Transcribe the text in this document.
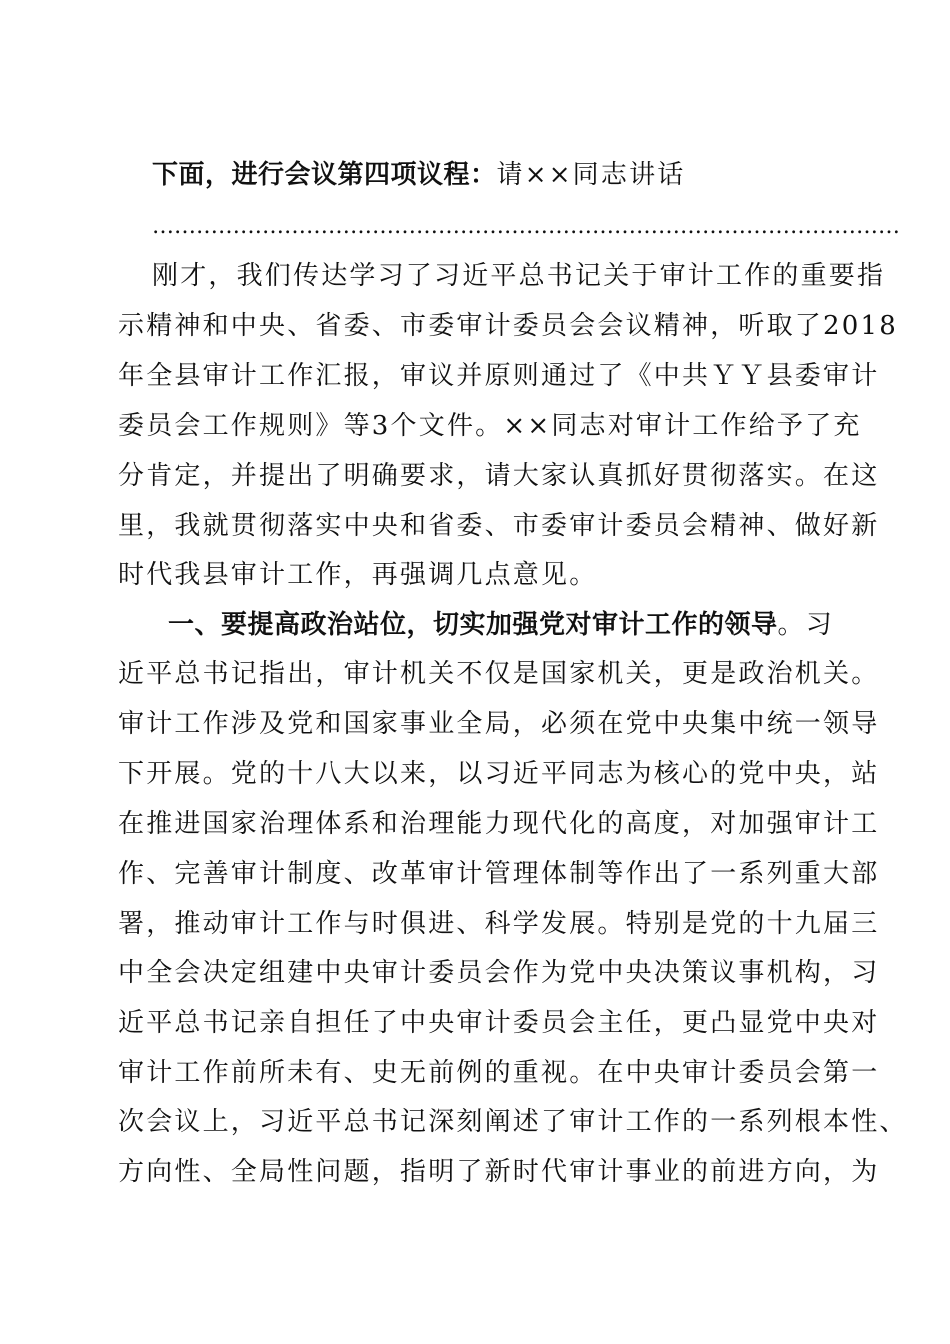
下面，进行会议第四项议程：请××同志讲话
…………………………………………………………………………………………
刚才，我们传达学习了习近平总书记关于审计工作的重要指
示精神和中央、省委、市委审计委员会会议精神，听取了2018
年全县审计工作汇报，审议并原则通过了《中共ＹＹ县委审计
委员会工作规则》等3个文件。××同志对审计工作给予了充
分肯定，并提出了明确要求，请大家认真抓好贯彻落实。在这
里，我就贯彻落实中央和省委、市委审计委员会精神、做好新
时代我县审计工作，再强调几点意见。
一、要提高政治站位，切实加强党对审计工作的领导。习
近平总书记指出，审计机关不仅是国家机关，更是政治机关。
审计工作涉及党和国家事业全局，必须在党中央集中统一领导
下开展。党的十八大以来，以习近平同志为核心的党中央，站
在推进国家治理体系和治理能力现代化的高度，对加强审计工
作、完善审计制度、改革审计管理体制等作出了一系列重大部
署，推动审计工作与时俱进、科学发展。特别是党的十九届三
中全会决定组建中央审计委员会作为党中央决策议事机构，习
近平总书记亲自担任了中央审计委员会主任，更凸显党中央对
审计工作前所未有、史无前例的重视。在中央审计委员会第一
次会议上，习近平总书记深刻阐述了审计工作的一系列根本性、
方向性、全局性问题，指明了新时代审计事业的前进方向，为
